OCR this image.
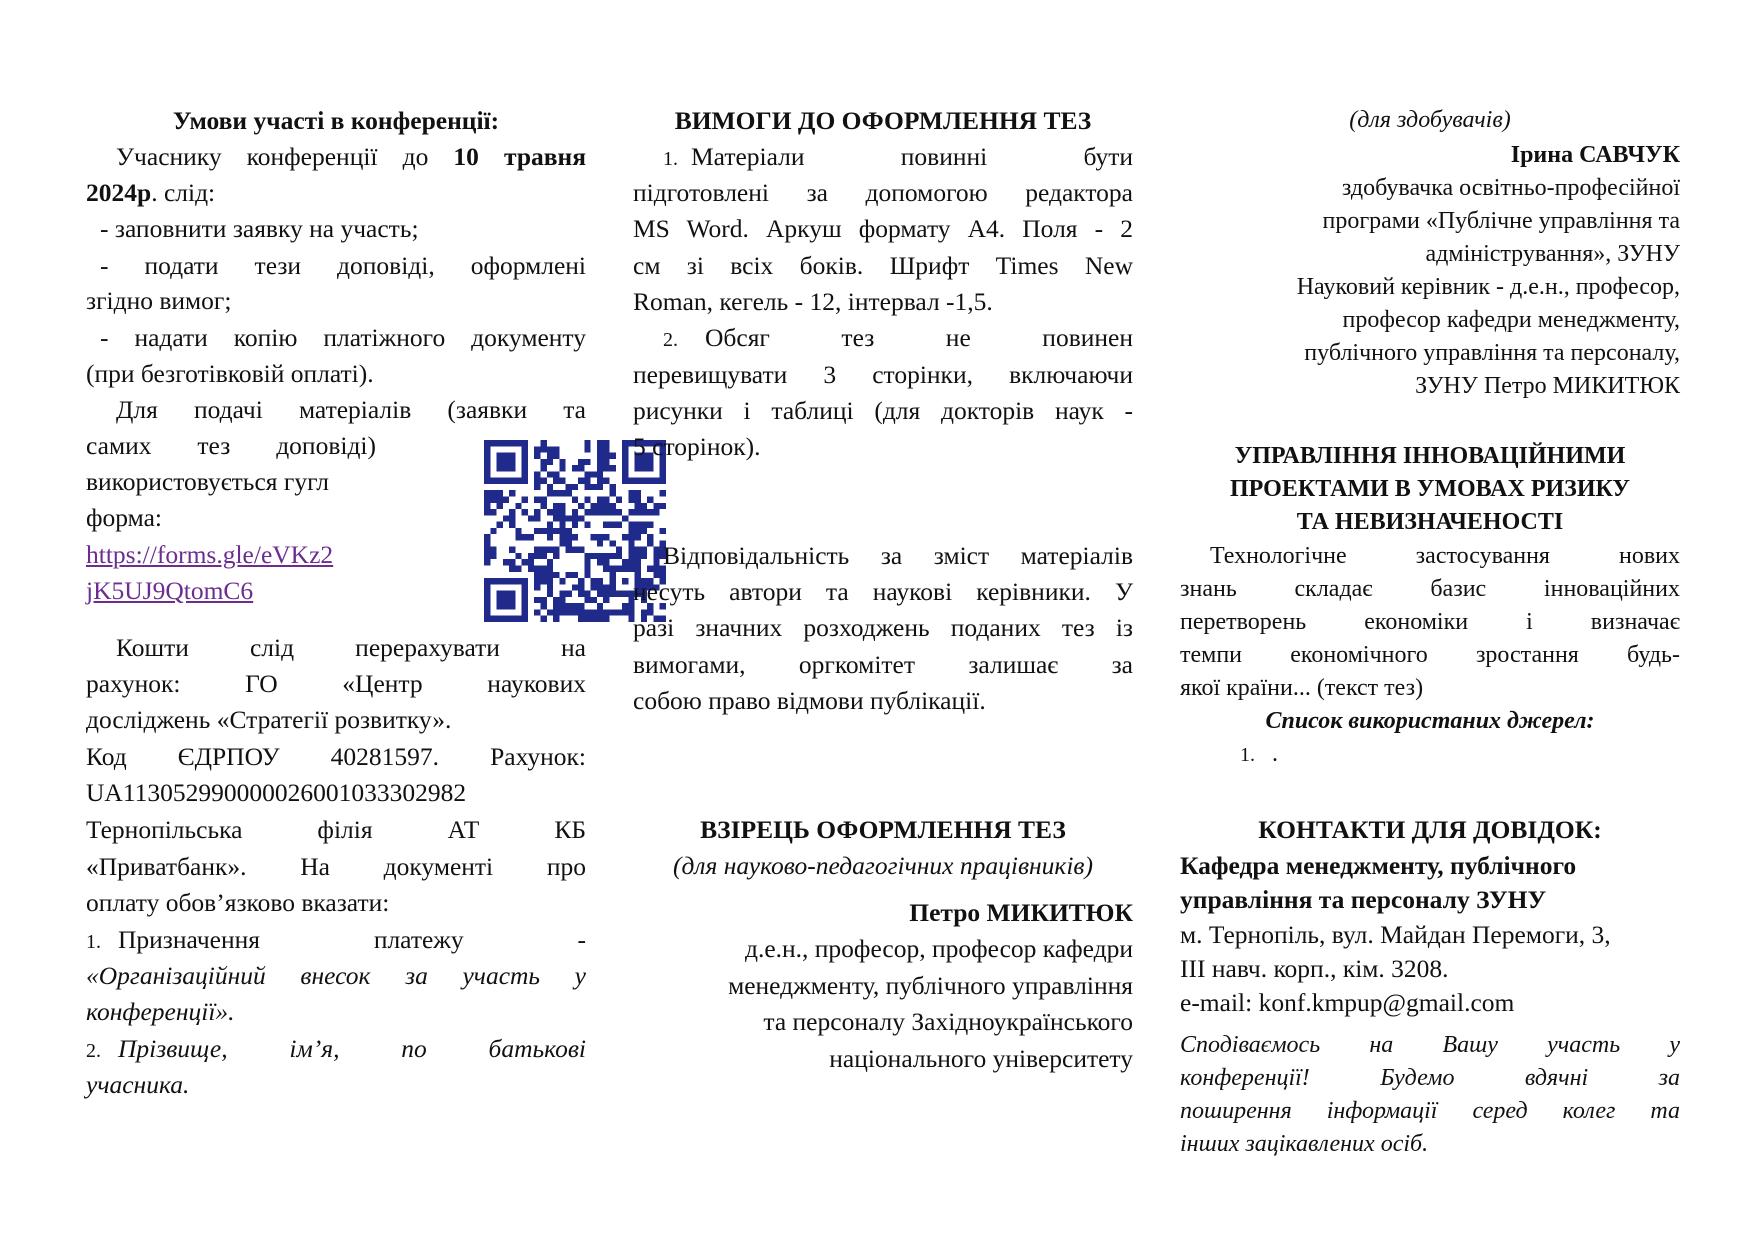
Умови участі в конференції:

Учаснику конференції до 10 травня

2024р. слід:

- заповнити заявку на участь;

- подати тези доповіді, оформлені

згідно вимог;

- надати копію платіжного документу

(при безготівковій оплаті).

Для подачі матеріалів (заявки та

самих тез доповіді)

використовується гугл

форма:

https://forms.gle/eVKz2
jK5UJ9QtomC6

Кошти слід перерахувати на

рахунок: ГО «Центр наукових

досліджень «Стратегії розвитку».

Код ЄДРПОУ 40281597. Рахунок:

UA113052990000026001033302982

Тернопільська філія АТ КБ

«Приватбанк». На документі про

оплату обов’язково вказати:

1. Призначення платежу -

«Організаційний внесок за участь у

конференції».

2. Прізвище, ім’я, по батькові

учасника.

ВИМОГИ ДО ОФОРМЛЕННЯ ТЕЗ

1. Матеріали повинні бути

підготовлені за допомогою редактора

MS Word. Аркуш формату А4. Поля - 2

см зі всіх боків. Шрифт Times New

Roman, кегель - 12, інтервал -1,5.

2. Обсяг тез не повинен

перевищувати 3 сторінки, включаючи

рисунки і таблиці (для докторів наук -

5 сторінок).

Відповідальність за зміст матеріалів

несуть автори та наукові керівники. У

разі значних розходжень поданих тез із

вимогами, оргкомітет залишає за

собою право відмови публікації.

ВЗІРЕЦЬ ОФОРМЛЕННЯ ТЕЗ

(для науково-педагогічних працівників)

Петро МИКИТЮК

д.е.н., професор, професор кафедри

менеджменту, публічного управління

та персоналу Західноукраїнського

національного університету

(для здобувачів)

Ірина САВЧУК

здобувачка освітньо-професійної

програми «Публічне управління та

адміністрування», ЗУНУ

Науковий керівник - д.е.н., професор,

професор кафедри менеджменту,

публічного управління та персоналу,

ЗУНУ Петро МИКИТЮК

УПРАВЛІННЯ ІННОВАЦІЙНИМИ

ПРОЕКТАМИ В УМОВАХ РИЗИКУ

ТА НЕВИЗНАЧЕНОСТІ

Технологічне застосування нових

знань складає базис інноваційних

перетворень економіки і визначає

темпи економічного зростання будь-

якої країни... (текст тез)

Список використаних джерел:

1. .

КОНТАКТИ ДЛЯ ДОВІДОК:

Кафедра менеджменту, публічного

управління та персоналу ЗУНУ

м. Тернопіль, вул. Майдан Перемоги, 3,

ІІІ навч. корп., кім. 3208.

e-mail: konf.kmpup@gmail.com

Сподіваємось на Вашу участь у

конференції! Будемо вдячні за

поширення інформації серед колег та

інших зацікавлених осіб.
